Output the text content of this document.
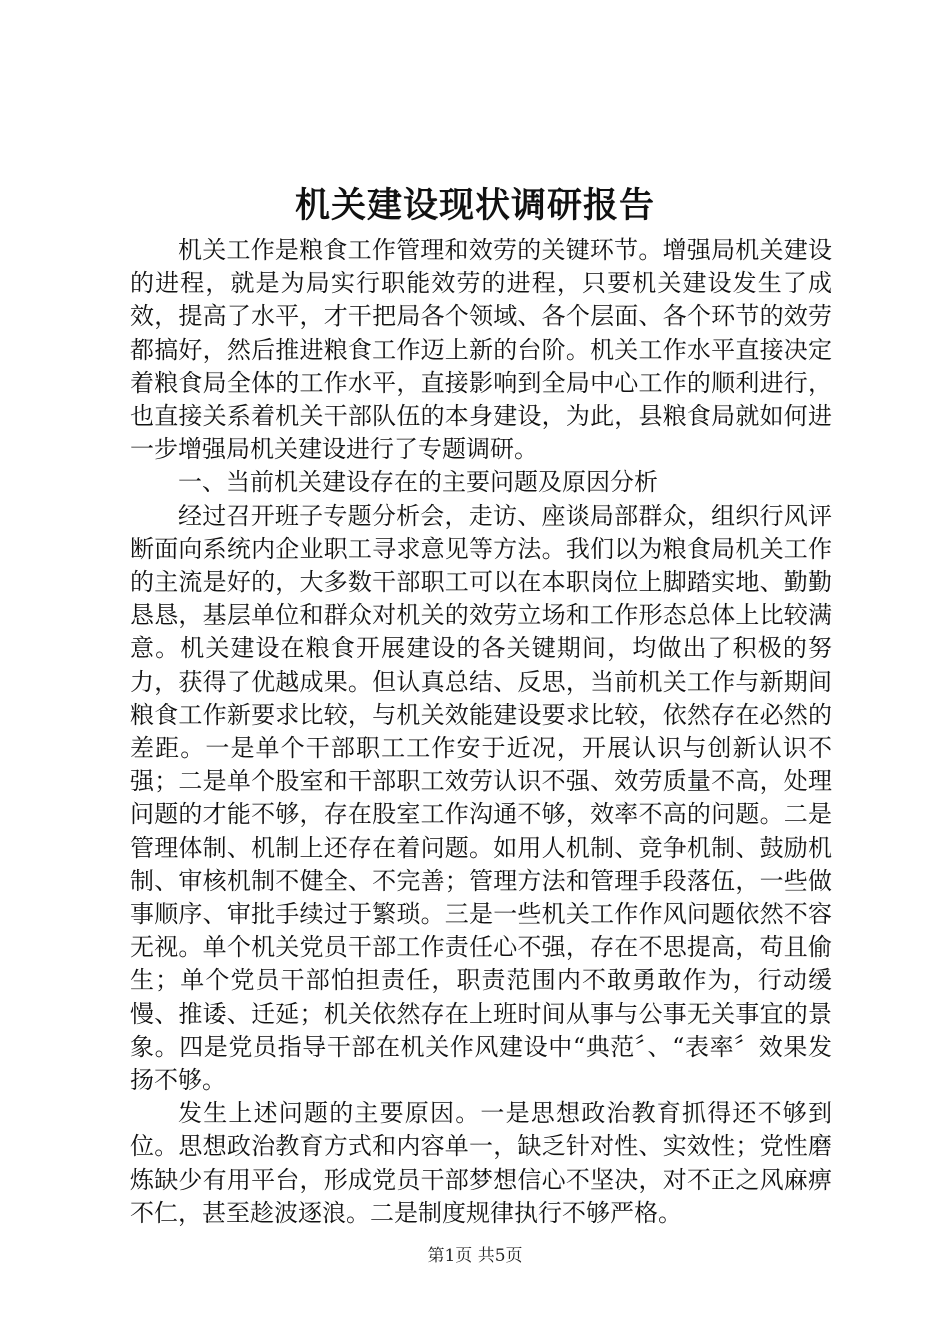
机关建设现状调研报告

机关工作是粮食工作管理和效劳的关键环节。增强局机关建设的进程，就是为局实行职能效劳的进程，只要机关建设发生了成效，提高了水平，才干把局各个领域、各个层面、各个环节的效劳都搞好，然后推进粮食工作迈上新的台阶。机关工作水平直接决定着粮食局全体的工作水平，直接影响到全局中心工作的顺利进行，也直接关系着机关干部队伍的本身建设，为此，县粮食局就如何进一步增强局机关建设进行了专题调研。

一、当前机关建设存在的主要问题及原因分析

经过召开班子专题分析会，走访、座谈局部群众，组织行风评断面向系统内企业职工寻求意见等方法。我们以为粮食局机关工作的主流是好的，大多数干部职工可以在本职岗位上脚踏实地、勤勤恳恳，基层单位和群众对机关的效劳立场和工作形态总体上比较满意。机关建设在粮食开展建设的各关键期间，均做出了积极的努力，获得了优越成果。但认真总结、反思，当前机关工作与新期间粮食工作新要求比较，与机关效能建设要求比较，依然存在必然的差距。一是单个干部职工工作安于近况，开展认识与创新认识不强；二是单个股室和干部职工效劳认识不强、效劳质量不高，处理问题的才能不够，存在股室工作沟通不够，效率不高的问题。二是管理体制、机制上还存在着问题。如用人机制、竞争机制、鼓励机制、审核机制不健全、不完善；管理方法和管理手段落伍，一些做事顺序、审批手续过于繁琐。三是一些机关工作作风问题依然不容无视。单个机关党员干部工作责任心不强，存在不思提高，苟且偷生；单个党员干部怕担责任，职责范围内不敢勇敢作为，行动缓慢、推诿、迁延；机关依然存在上班时间从事与公事无关事宜的景象。四是党员指导干部在机关作风建设中“典范〞、“表率〞效果发扬不够。

发生上述问题的主要原因。一是思想政治教育抓得还不够到位。思想政治教育方式和内容单一，缺乏针对性、实效性；党性磨炼缺少有用平台，形成党员干部梦想信心不坚决，对不正之风麻痹不仁，甚至趁波逐浪。二是制度规律执行不够严格。

第1页 共5页
